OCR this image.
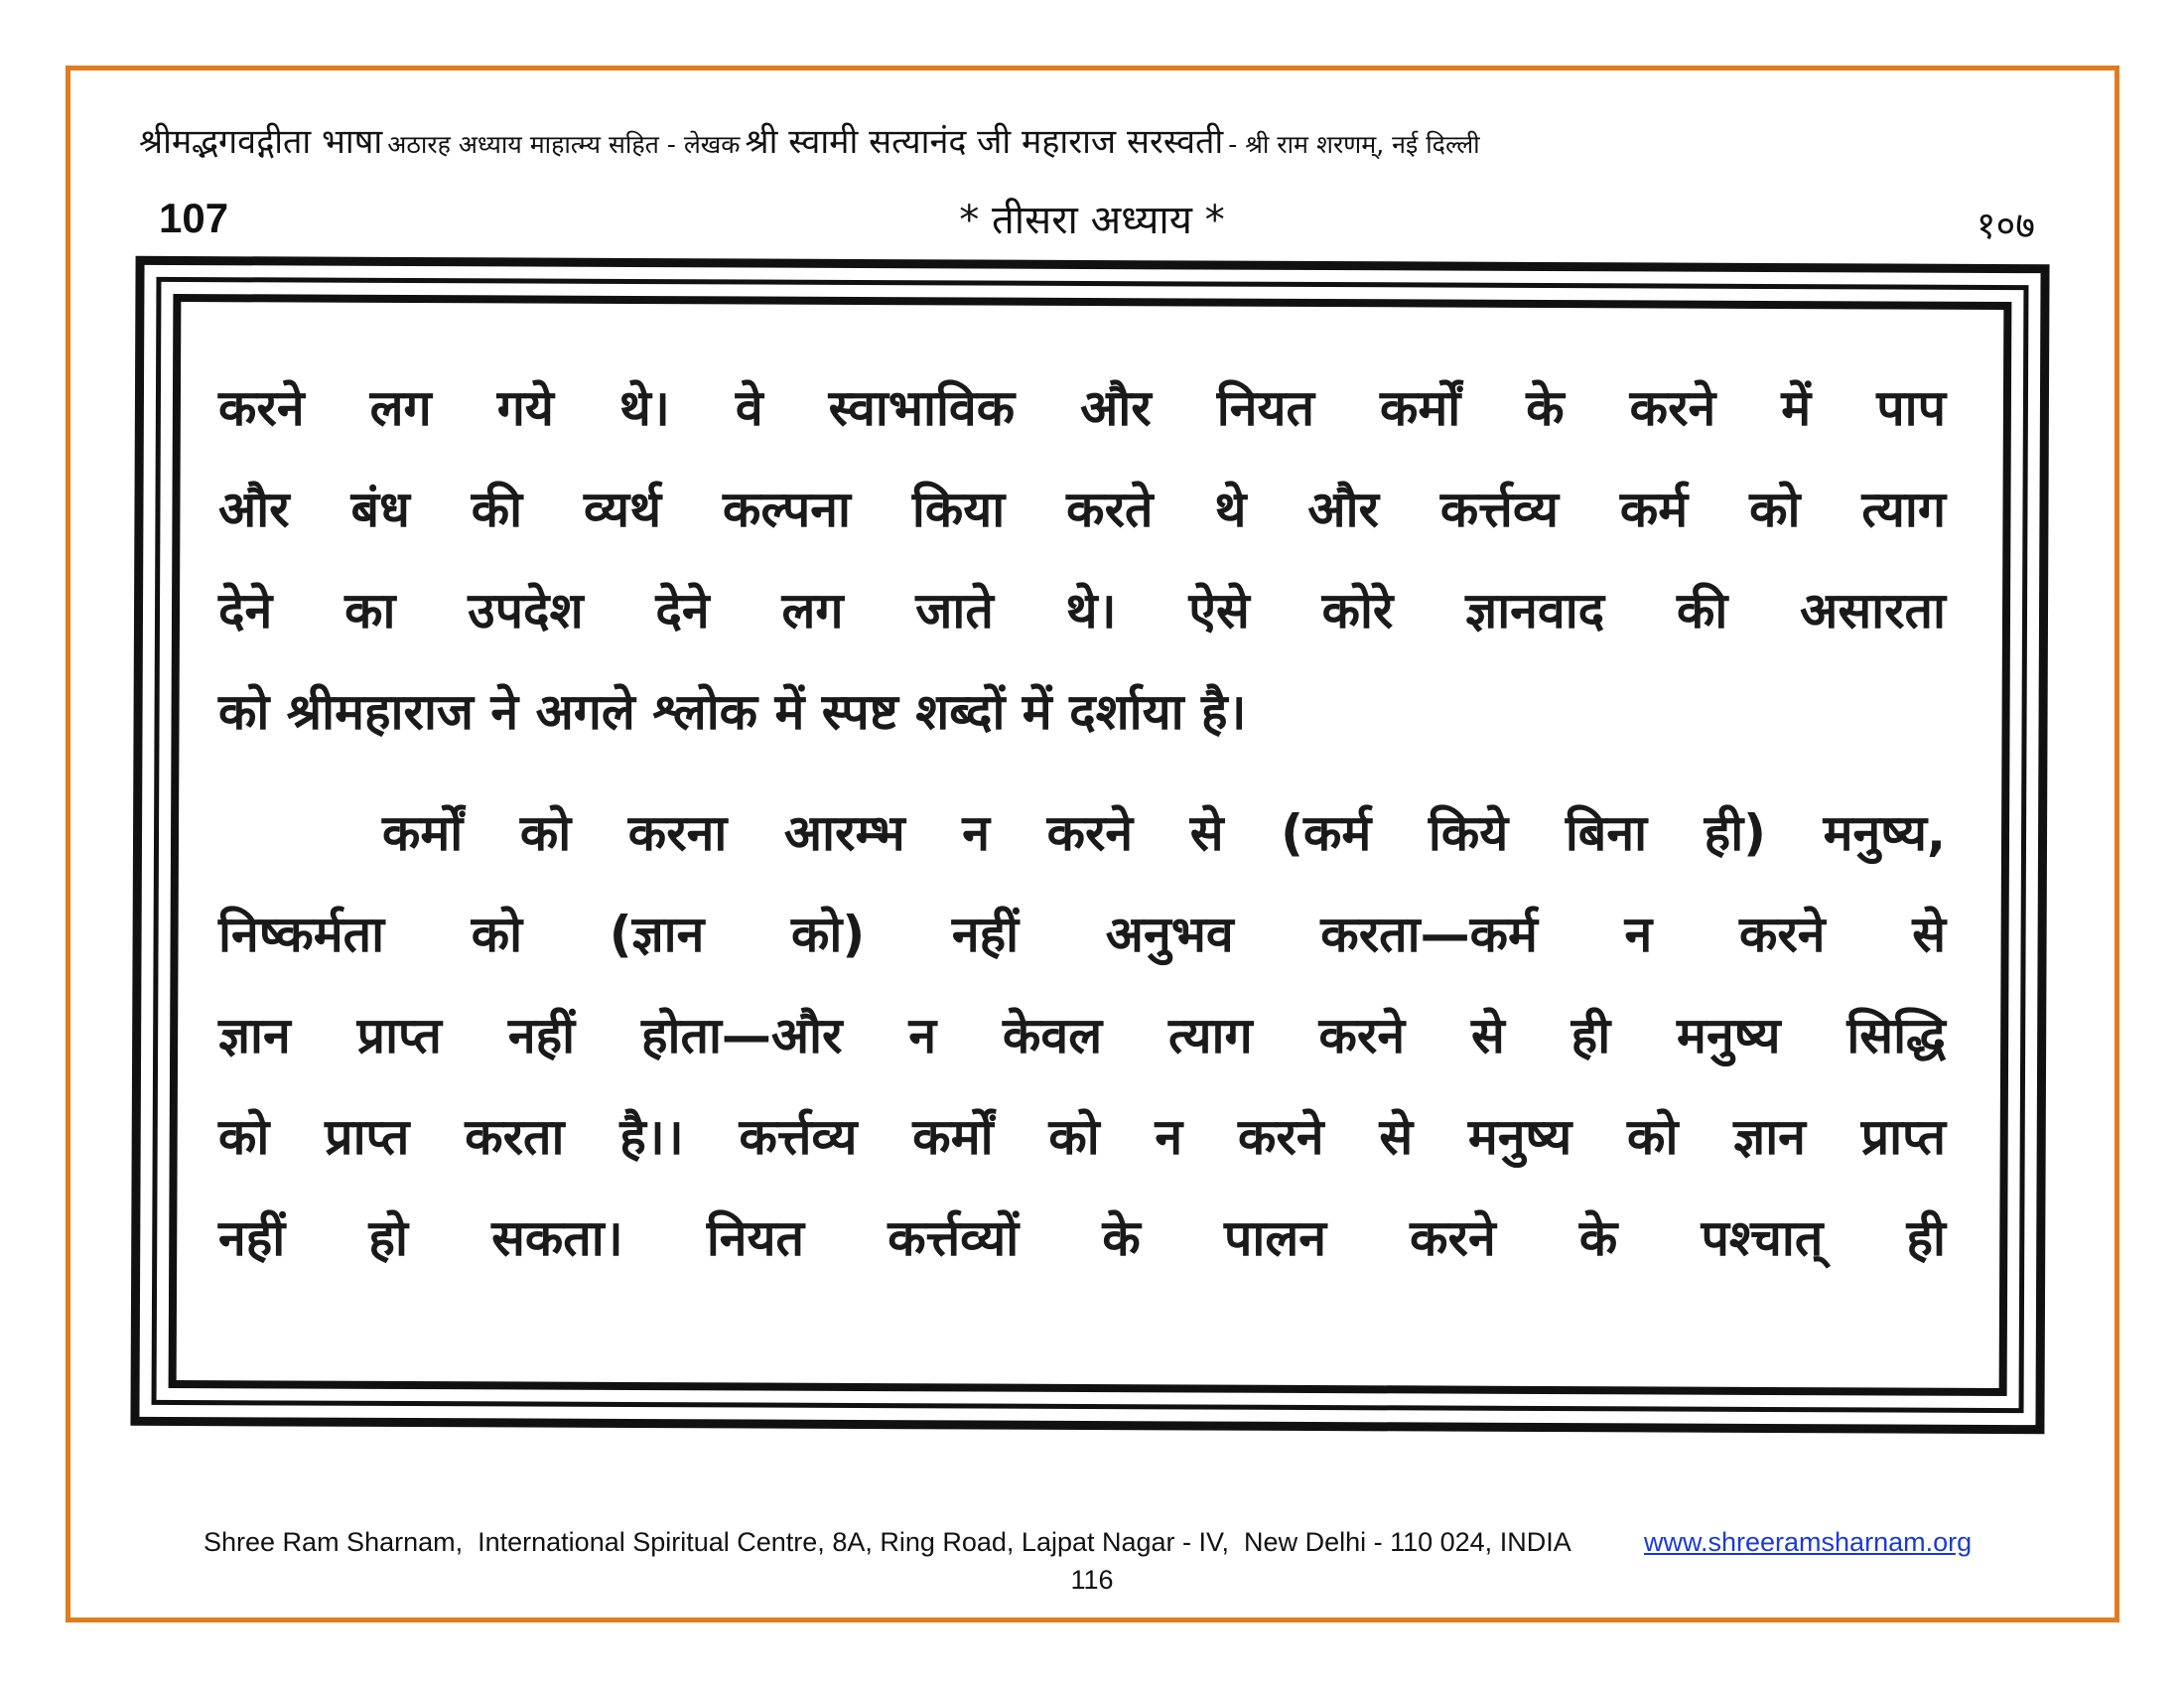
श्रीमद्भगवद्गीता भाषा अठारह अध्याय माहात्म्य सहित - लेखक श्री स्वामी सत्यानंद जी महाराज सरस्वती - श्री राम शरणम्, नई दिल्ली
107	* तीसरा अध्याय *	१०७
करने लग गये थे। वे स्वाभाविक और नियत कर्मों के करने में पाप
और बंध की व्यर्थ कल्पना किया करते थे और कर्त्तव्य कर्म को त्याग
देने का उपदेश देने लग जाते थे। ऐसे कोरे ज्ञानवाद की असारता
को श्रीमहाराज ने अगले श्लोक में स्पष्ट शब्दों में दर्शाया है।
कर्मों को करना आरम्भ न करने से (कर्म किये बिना ही) मनुष्य,
निष्कर्मता को (ज्ञान को) नहीं अनुभव करता—कर्म न करने से
ज्ञान प्राप्त नहीं होता—और न केवल त्याग करने से ही मनुष्य सिद्धि
को प्राप्त करता है।। कर्त्तव्य कर्मों को न करने से मनुष्य को ज्ञान प्राप्त
नहीं हो सकता। नियत कर्त्तव्यों के पालन करने के पश्चात् ही
Shree Ram Sharnam,  International Spiritual Centre, 8A, Ring Road, Lajpat Nagar - IV,  New Delhi - 110 024, INDIA	www.shreeramsharnam.org
116
